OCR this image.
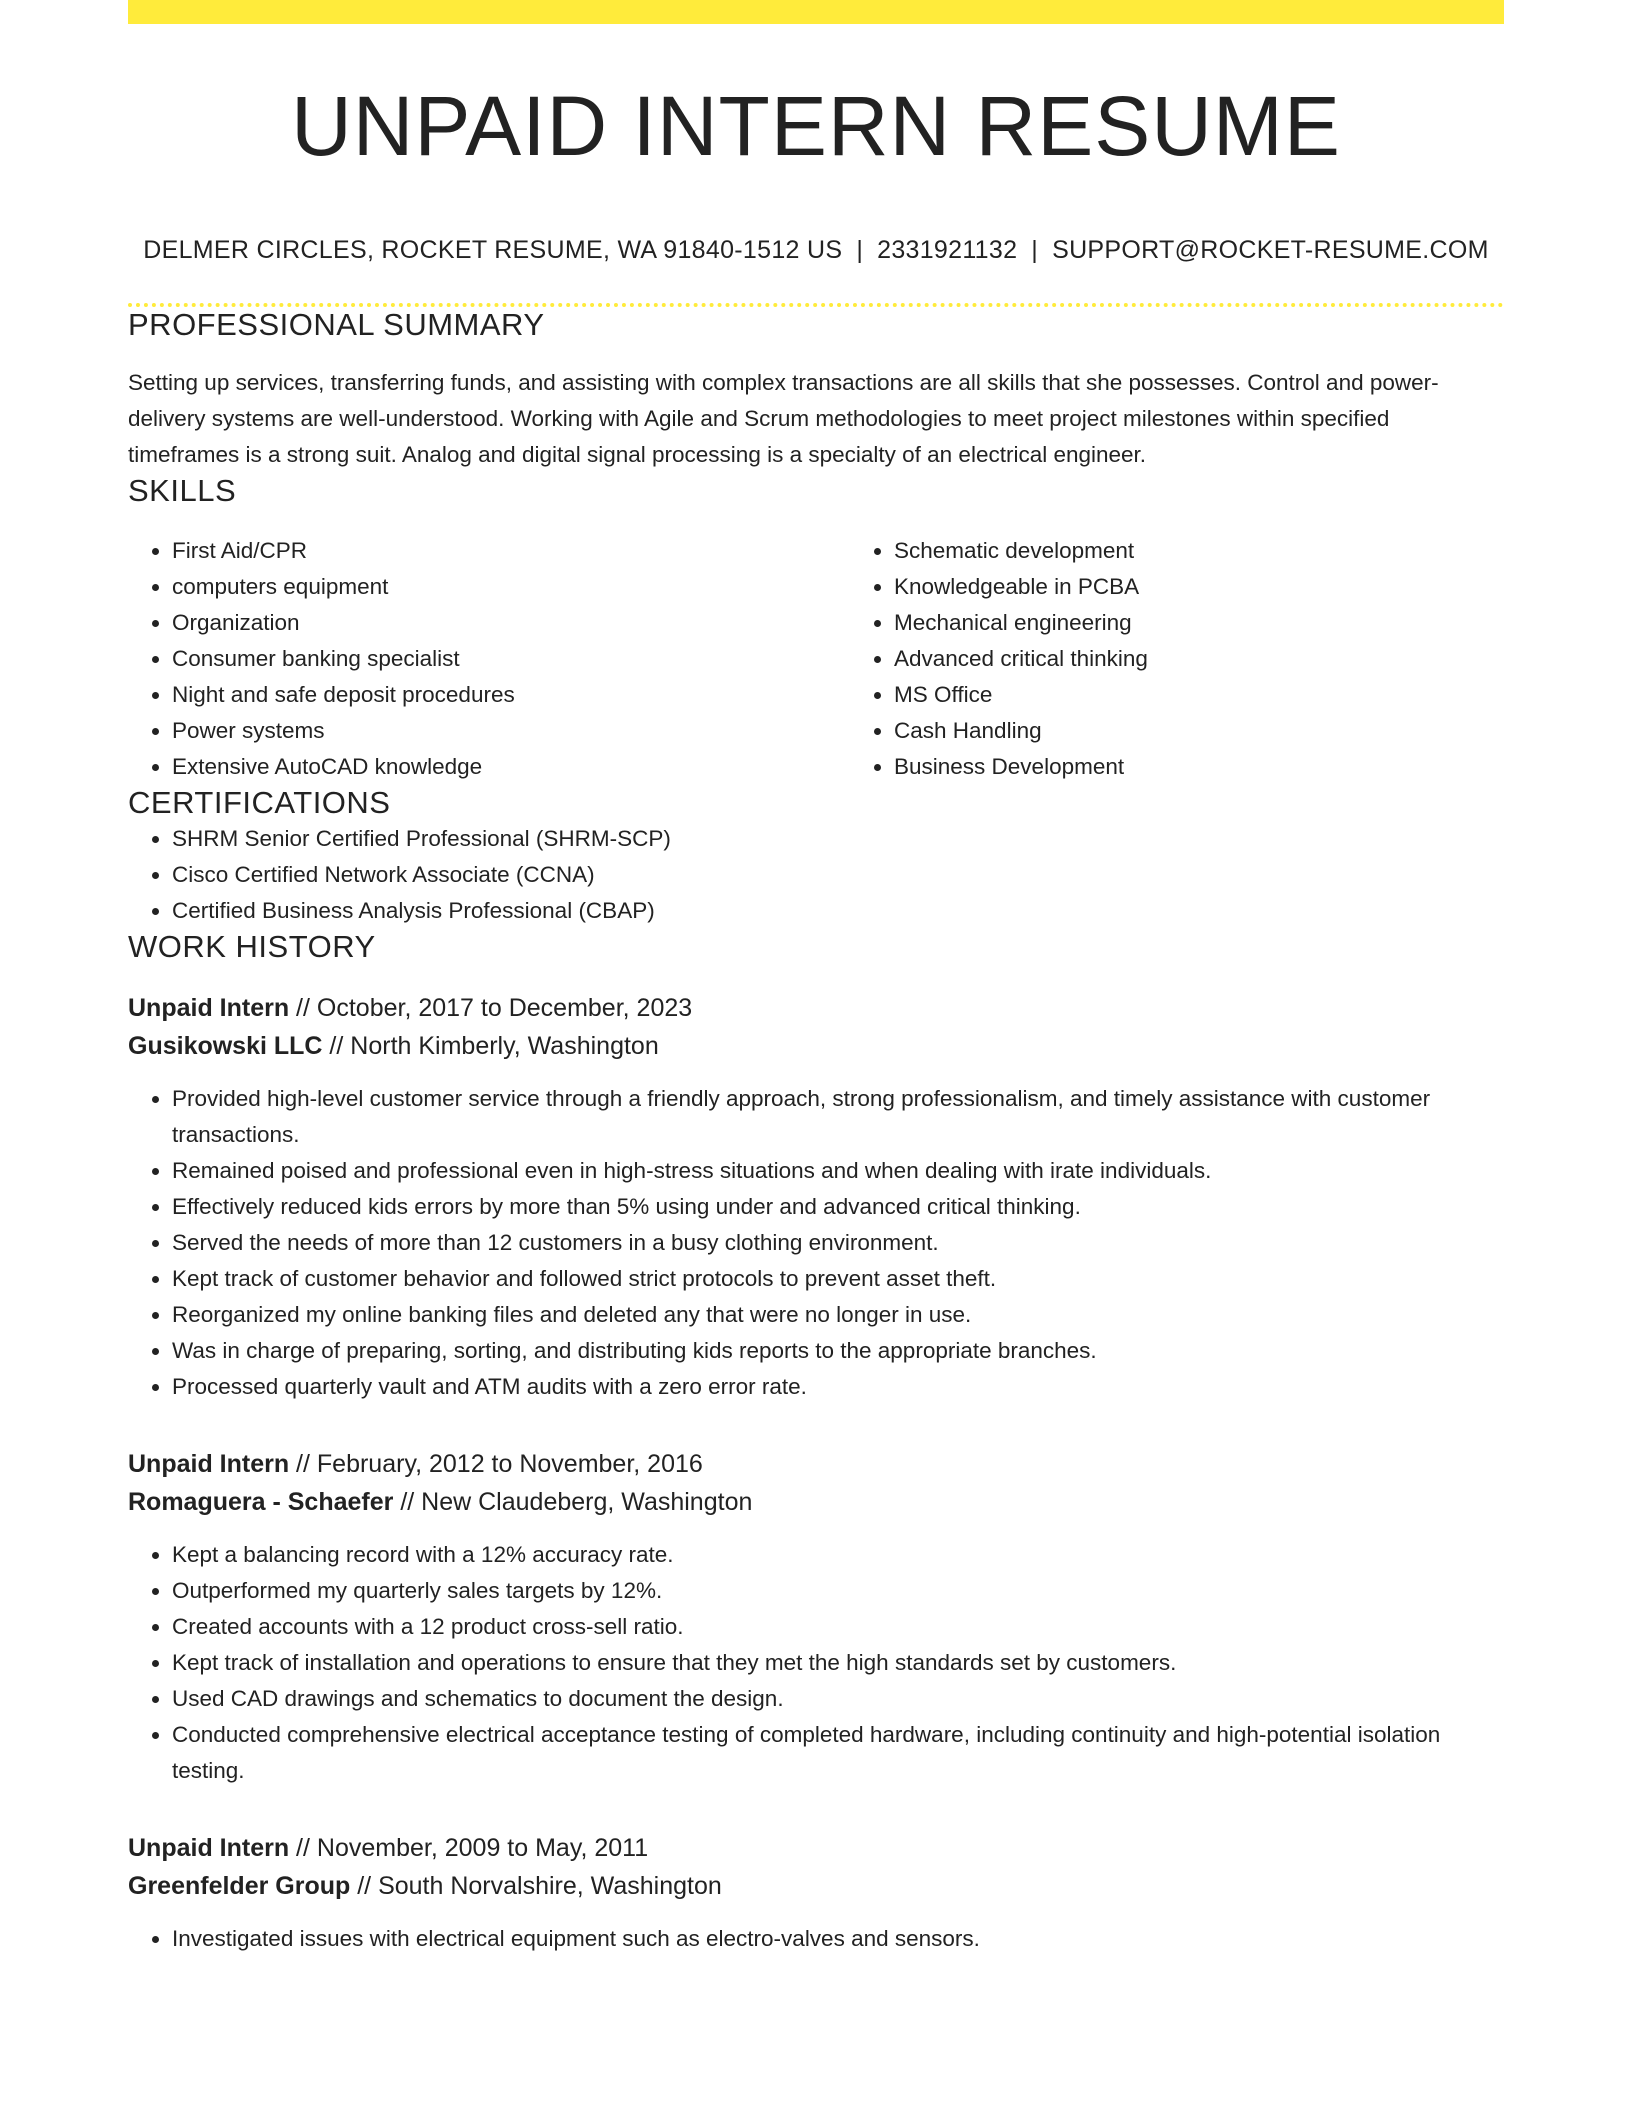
UNPAID INTERN RESUME
DELMER CIRCLES, ROCKET RESUME, WA 91840-1512 US | 2331921132 | SUPPORT@ROCKET-RESUME.COM
PROFESSIONAL SUMMARY

Setting up services, transferring funds, and assisting with complex transactions are all skills that she possesses. Control and power-delivery systems are well-understood. Working with Agile and Scrum methodologies to meet project milestones within specified timeframes is a strong suit. Analog and digital signal processing is a specialty of an electrical engineer.

SKILLS
• First Aid/CPR
• computers equipment
• Organization
• Consumer banking specialist
• Night and safe deposit procedures
• Power systems
• Extensive AutoCAD knowledge
• Schematic development
• Knowledgeable in PCBA
• Mechanical engineering
• Advanced critical thinking
• MS Office
• Cash Handling
• Business Development
CERTIFICATIONS
• SHRM Senior Certified Professional (SHRM-SCP)
• Cisco Certified Network Associate (CCNA)
• Certified Business Analysis Professional (CBAP)
WORK HISTORY
Unpaid Intern // October, 2017 to December, 2023
Gusikowski LLC // North Kimberly, Washington
• Provided high-level customer service through a friendly approach, strong professionalism, and timely assistance with customer transactions.
• Remained poised and professional even in high-stress situations and when dealing with irate individuals.
• Effectively reduced kids errors by more than 5% using under and advanced critical thinking.
• Served the needs of more than 12 customers in a busy clothing environment.
• Kept track of customer behavior and followed strict protocols to prevent asset theft.
• Reorganized my online banking files and deleted any that were no longer in use.
• Was in charge of preparing, sorting, and distributing kids reports to the appropriate branches.
• Processed quarterly vault and ATM audits with a zero error rate.
Unpaid Intern // February, 2012 to November, 2016
Romaguera - Schaefer // New Claudeberg, Washington
• Kept a balancing record with a 12% accuracy rate.
• Outperformed my quarterly sales targets by 12%.
• Created accounts with a 12 product cross-sell ratio.
• Kept track of installation and operations to ensure that they met the high standards set by customers.
• Used CAD drawings and schematics to document the design.
• Conducted comprehensive electrical acceptance testing of completed hardware, including continuity and high-potential isolation testing.
Unpaid Intern // November, 2009 to May, 2011
Greenfelder Group // South Norvalshire, Washington
• Investigated issues with electrical equipment such as electro-valves and sensors.
